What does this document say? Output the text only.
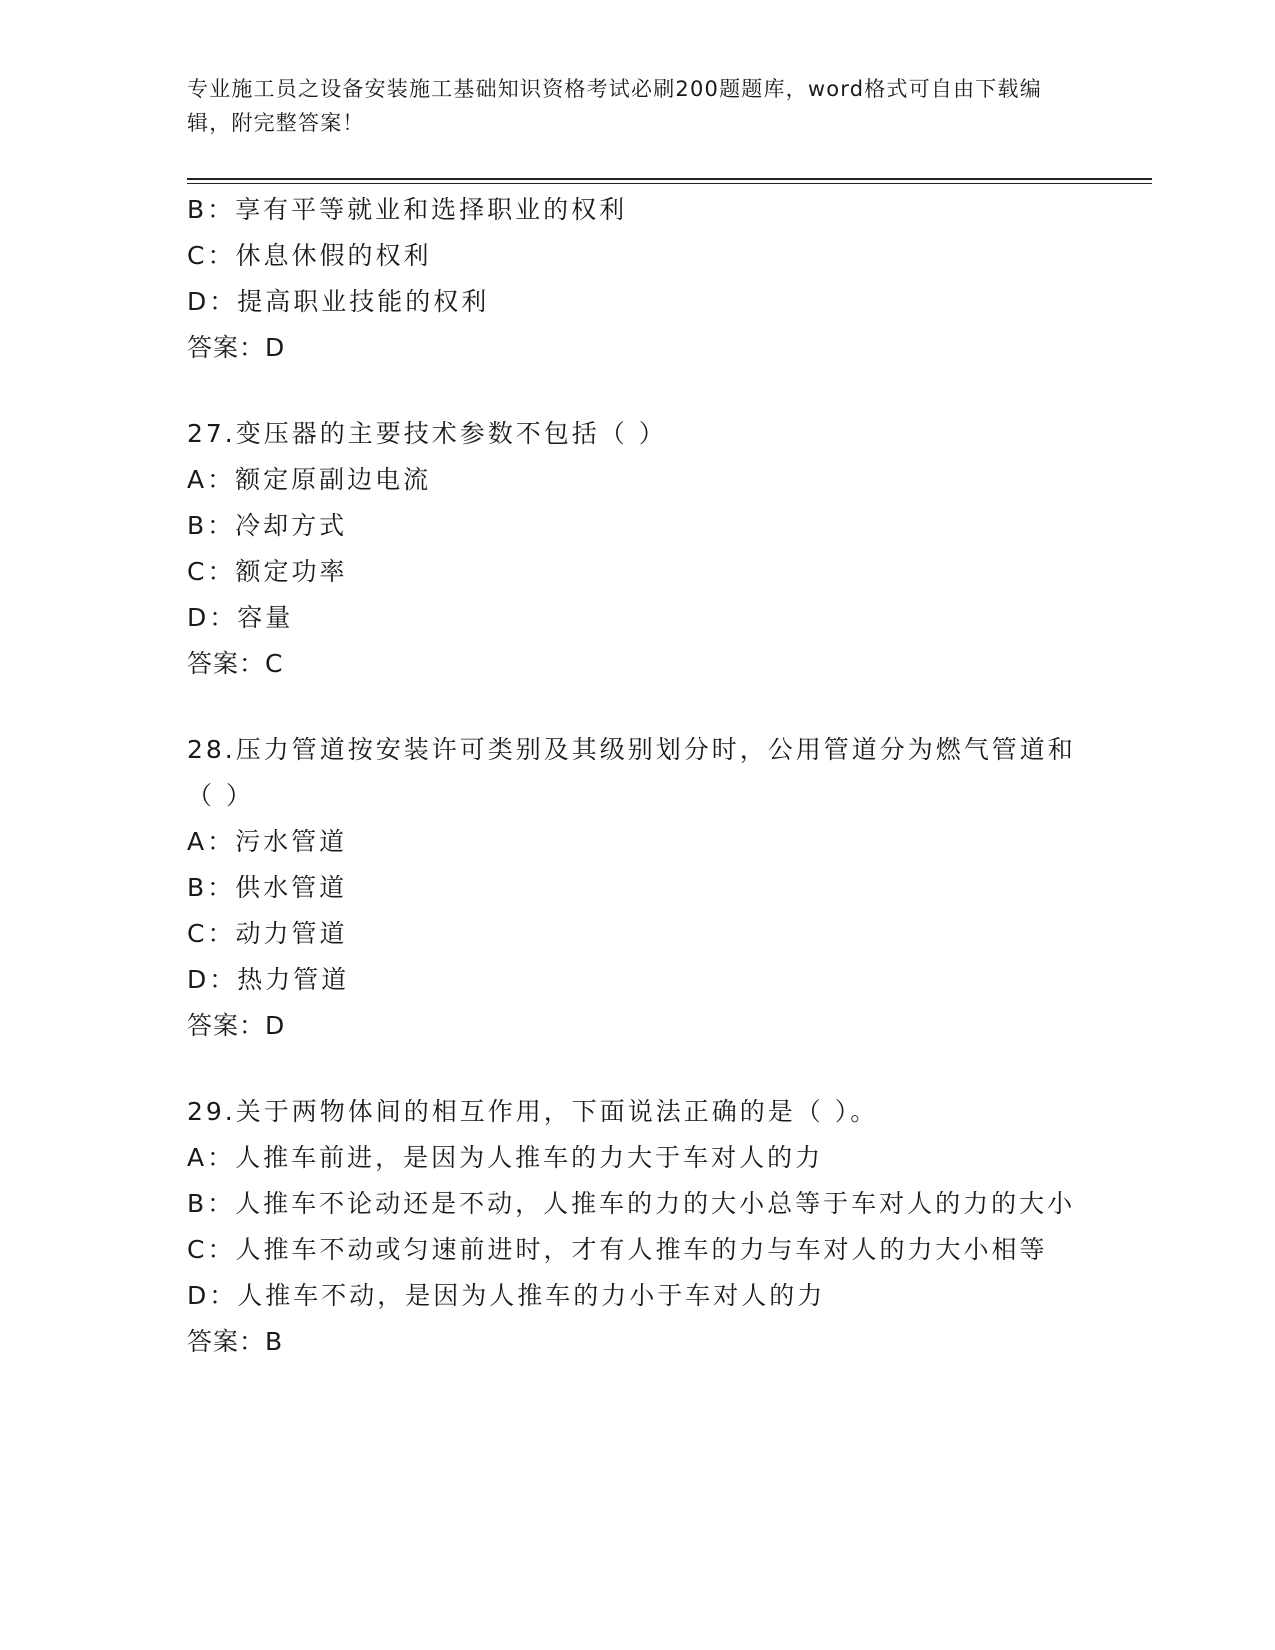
专业施工员之设备安装施工基础知识资格考试必刷200题题库，word格式可自由下载编辑，附完整答案！
B：享有平等就业和选择职业的权利
C：休息休假的权利
D：提高职业技能的权利
答案：D
27.变压器的主要技术参数不包括（ ）
A：额定原副边电流
B：冷却方式
C：额定功率
D：容量
答案：C
28.压力管道按安装许可类别及其级别划分时，公用管道分为燃气管道和（ ）
A：污水管道
B：供水管道
C：动力管道
D：热力管道
答案：D
29.关于两物体间的相互作用，下面说法正确的是（ ）。
A：人推车前进，是因为人推车的力大于车对人的力
B：人推车不论动还是不动，人推车的力的大小总等于车对人的力的大小
C：人推车不动或匀速前进时，才有人推车的力与车对人的力大小相等
D：人推车不动，是因为人推车的力小于车对人的力
答案：B
